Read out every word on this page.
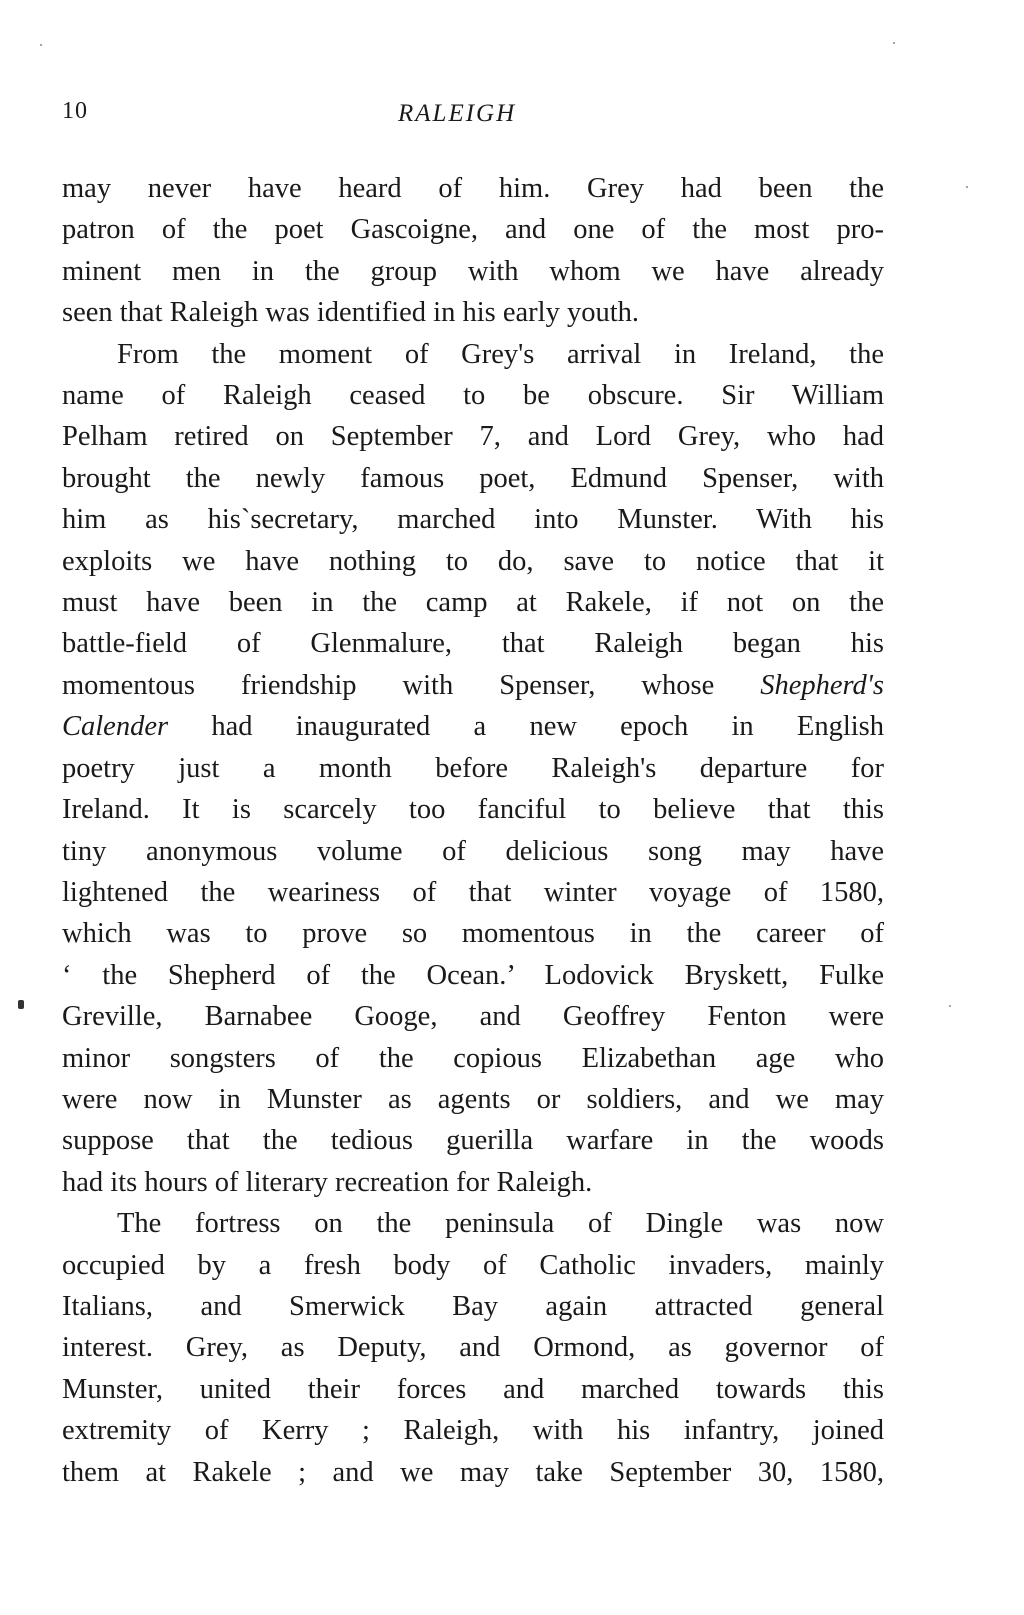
10	RALEIGH

may never have heard of him. Grey had been the
patron of the poet Gascoigne, and one of the most pro-
minent men in the group with whom we have already
seen that Raleigh was identified in his early youth.

From the moment of Grey's arrival in Ireland, the
name of Raleigh ceased to be obscure. Sir William
Pelham retired on September 7, and Lord Grey, who had
brought the newly famous poet, Edmund Spenser, with
him as his`secretary, marched into Munster. With his
exploits we have nothing to do, save to notice that it
must have been in the camp at Rakele, if not on the
battle-field of Glenmalure, that Raleigh began his
momentous friendship with Spenser, whose Shepherd's
Calender had inaugurated a new epoch in English
poetry just a month before Raleigh's departure for
Ireland. It is scarcely too fanciful to believe that this
tiny anonymous volume of delicious song may have
lightened the weariness of that winter voyage of 1580,
which was to prove so momentous in the career of
‘ the Shepherd of the Ocean.’ Lodovick Bryskett, Fulke
Greville, Barnabee Googe, and Geoffrey Fenton were
minor songsters of the copious Elizabethan age who
were now in Munster as agents or soldiers, and we may
suppose that the tedious guerilla warfare in the woods
had its hours of literary recreation for Raleigh.

The fortress on the peninsula of Dingle was now
occupied by a fresh body of Catholic invaders, mainly
Italians, and Smerwick Bay again attracted general
interest. Grey, as Deputy, and Ormond, as governor of
Munster, united their forces and marched towards this
extremity of Kerry ; Raleigh, with his infantry, joined
them at Rakele ; and we may take September 30, 1580,
